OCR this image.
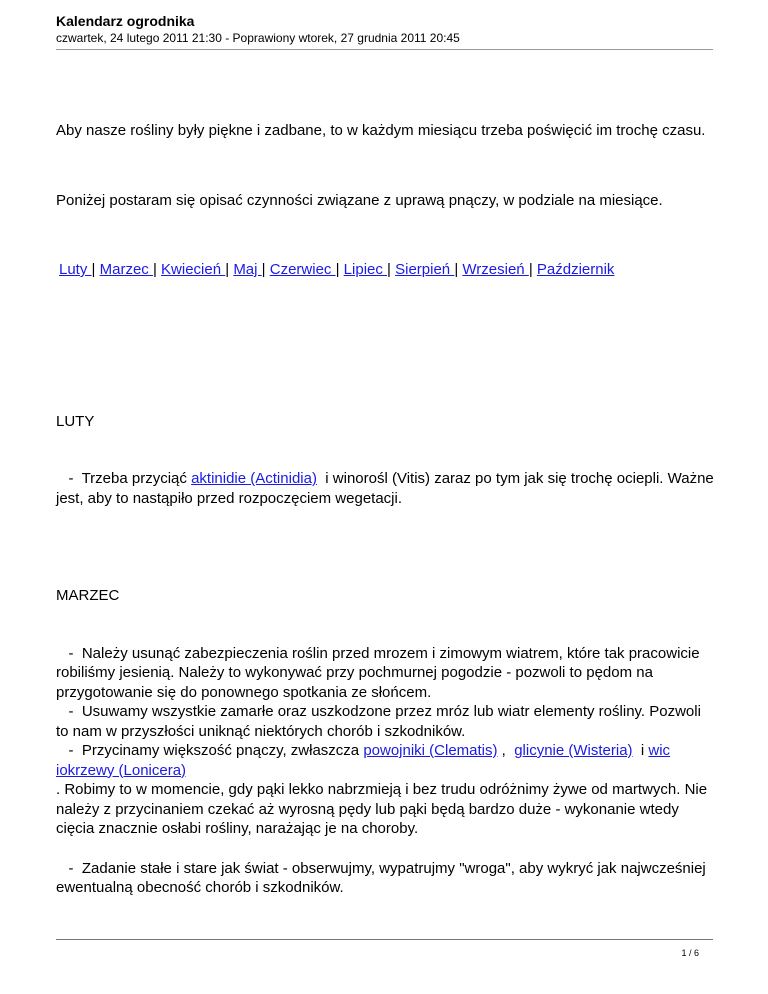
Kalendarz ogrodnika
czwartek, 24 lutego 2011 21:30 - Poprawiony wtorek, 27 grudnia 2011 20:45

Aby nasze rośliny były piękne i zadbane, to w każdym miesiącu trzeba poświęcić im trochę czasu.

Poniżej postaram się opisać czynności związane z uprawą pnączy, w podziale na miesiące.

Luty | Marzec | Kwiecień | Maj | Czerwiec | Lipiec | Sierpień | Wrzesień | Październik

LUTY

-  Trzeba przyciąć aktinidie (Actinidia)  i winorośl (Vitis) zaraz po tym jak się trochę ociepli. Ważne jest, aby to nastąpiło przed rozpoczęciem wegetacji.

MARZEC

-  Należy usunąć zabezpieczenia roślin przed mrozem i zimowym wiatrem, które tak pracowicie robiliśmy jesienią. Należy to wykonywać przy pochmurnej pogodzie - pozwoli to pędom na przygotowanie się do ponownego spotkania ze słońcem.

-  Usuwamy wszystkie zamarłe oraz uszkodzone przez mróz lub wiatr elementy rośliny. Pozwoli to nam w przyszłości uniknąć niektórych chorób i szkodników.

-  Przycinamy większość pnączy, zwłaszcza powojniki (Clematis) ,  glicynie (Wisteria)  i wic
iokrzewy (Lonicera)

. Robimy to w momencie, gdy pąki lekko nabrzmieją i bez trudu odróżnimy żywe od martwych. Nie należy z przycinaniem czekać aż wyrosną pędy lub pąki będą bardzo duże - wykonanie wtedy cięcia znacznie osłabi rośliny, narażając je na choroby.

-  Zadanie stałe i stare jak świat - obserwujmy, wypatrujmy "wroga", aby wykryć jak najwcześniej ewentualną obecność chorób i szkodników.

1 / 6
